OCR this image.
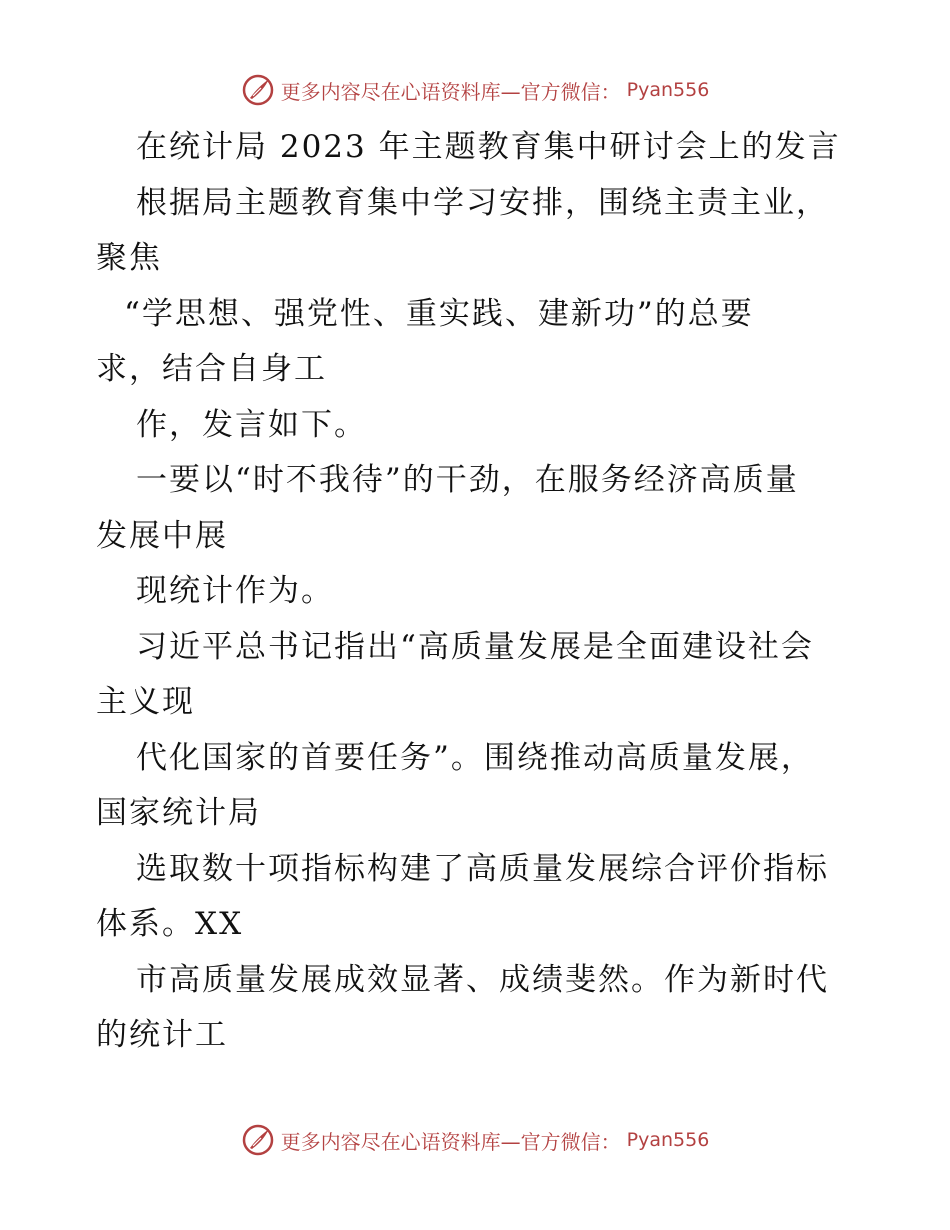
更多内容尽在心语资料库—官方微信： Pyan556
在统计局 2023 年主题教育集中研讨会上的发言
根据局主题教育集中学习安排，围绕主责主业，
聚焦
“学思想、强党性、重实践、建新功”的总要
求，结合自身工
作，发言如下。
一要以“时不我待”的干劲，在服务经济高质量
发展中展
现统计作为。
习近平总书记指出“高质量发展是全面建设社会
主义现
代化国家的首要任务”。围绕推动高质量发展，
国家统计局
选取数十项指标构建了高质量发展综合评价指标
体系。XX
市高质量发展成效显著、成绩斐然。作为新时代
的统计工
更多内容尽在心语资料库—官方微信： Pyan556
